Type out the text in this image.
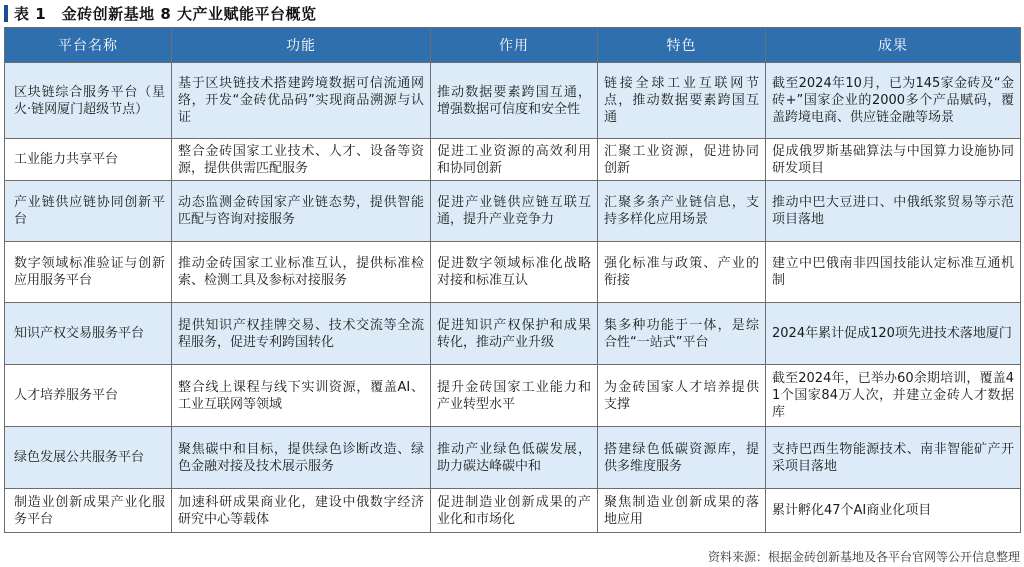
表 1　金砖创新基地 8 大产业赋能平台概览
平台名称	功能	作用	特色	成果
区块链综合服务平台（星火·链网厦门超级节点）	基于区块链技术搭建跨境数据可信流通网络，开发“金砖优品码”实现商品溯源与认证	推动数据要素跨国互通，增强数据可信度和安全性	链接全球工业互联网节点，推动数据要素跨国互通	截至2024年10月，已为145家金砖及“金砖+”国家企业的2000多个产品赋码，覆盖跨境电商、供应链金融等场景
工业能力共享平台	整合金砖国家工业技术、人才、设备等资源，提供供需匹配服务	促进工业资源的高效利用和协同创新	汇聚工业资源，促进协同创新	促成俄罗斯基础算法与中国算力设施协同研发项目
产业链供应链协同创新平台	动态监测金砖国家产业链态势，提供智能匹配与咨询对接服务	促进产业链供应链互联互通，提升产业竞争力	汇聚多条产业链信息，支持多样化应用场景	推动中巴大豆进口、中俄纸浆贸易等示范项目落地
数字领域标准验证与创新应用服务平台	推动金砖国家工业标准互认，提供标准检索、检测工具及参标对接服务	促进数字领域标准化战略对接和标准互认	强化标准与政策、产业的衔接	建立中巴俄南非四国技能认定标准互通机制
知识产权交易服务平台	提供知识产权挂牌交易、技术交流等全流程服务，促进专利跨国转化	促进知识产权保护和成果转化，推动产业升级	集多种功能于一体，是综合性“一站式”平台	2024年累计促成120项先进技术落地厦门
人才培养服务平台	整合线上课程与线下实训资源，覆盖AI、工业互联网等领域	提升金砖国家工业能力和产业转型水平	为金砖国家人才培养提供支撑	截至2024年，已举办60余期培训，覆盖41个国家84万人次，并建立金砖人才数据库
绿色发展公共服务平台	聚焦碳中和目标，提供绿色诊断改造、绿色金融对接及技术展示服务	推动产业绿色低碳发展，助力碳达峰碳中和	搭建绿色低碳资源库，提供多维度服务	支持巴西生物能源技术、南非智能矿产开采项目落地
制造业创新成果产业化服务平台	加速科研成果商业化，建设中俄数字经济研究中心等载体	促进制造业创新成果的产业化和市场化	聚焦制造业创新成果的落地应用	累计孵化47个AI商业化项目
资料来源：根据金砖创新基地及各平台官网等公开信息整理
